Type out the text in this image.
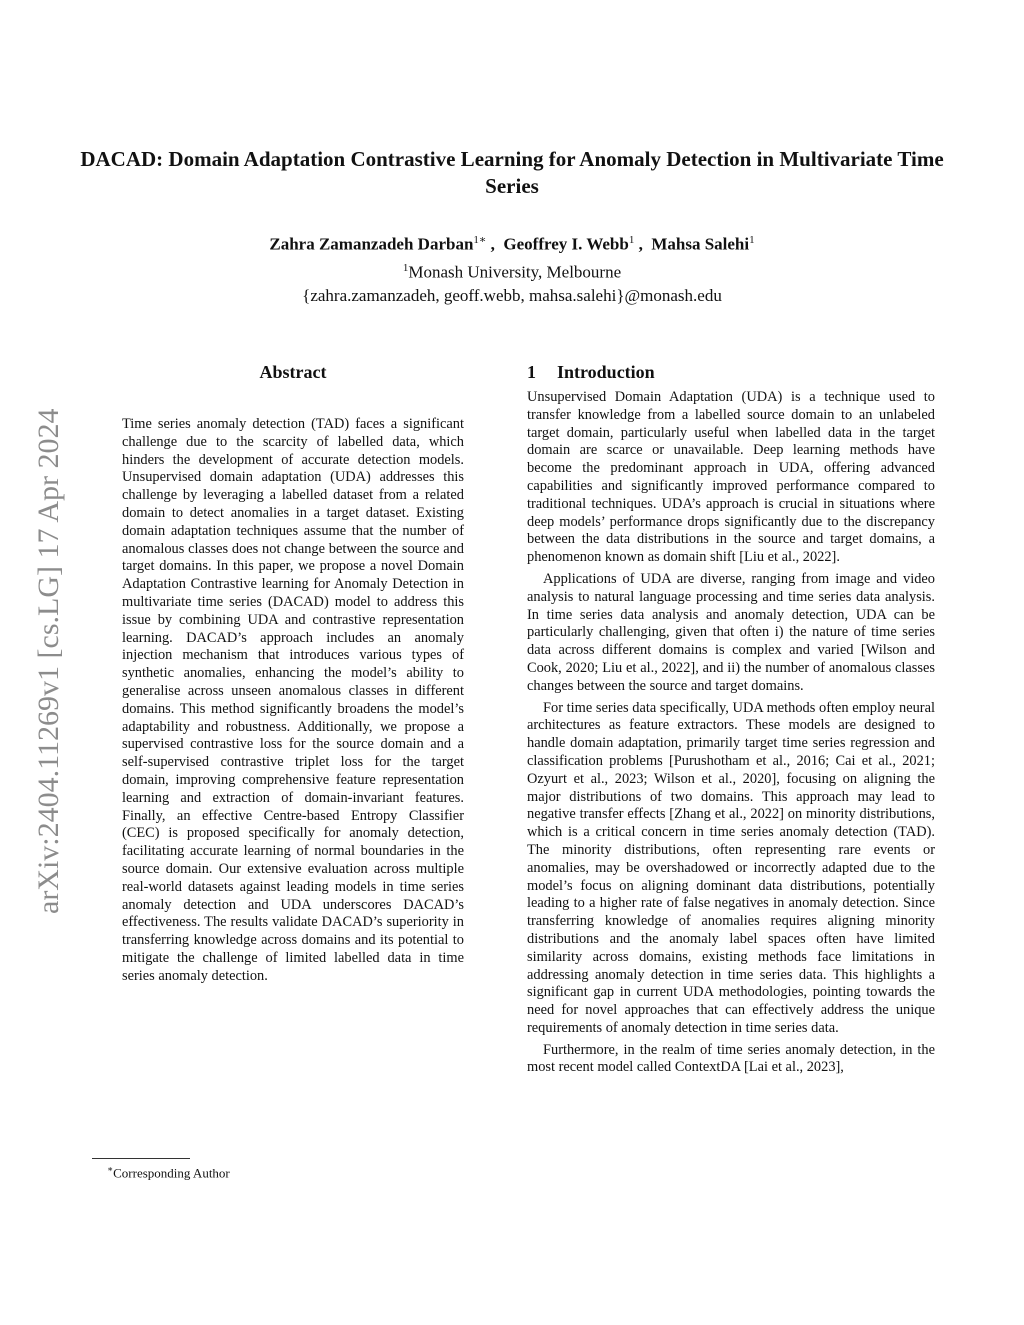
DACAD: Domain Adaptation Contrastive Learning for Anomaly Detection in Multivariate Time Series
Zahra Zamanzadeh Darban$^{1∗}$ ,  Geoffrey I. Webb$^1$ ,  Mahsa Salehi$^1$
$^1$Monash University, Melbourne
{zahra.zamanzadeh, geoff.webb, mahsa.salehi}@monash.edu
arXiv:2404.11269v1 [cs.LG] 17 Apr 2024
Abstract

Time series anomaly detection (TAD) faces a significant challenge due to the scarcity of labelled data, which hinders the development of accurate detection models. Unsupervised domain adaptation (UDA) addresses this challenge by leveraging a labelled dataset from a related domain to detect anomalies in a target dataset. Existing domain adaptation techniques assume that the number of anomalous classes does not change between the source and target domains. In this paper, we propose a novel Domain Adaptation Contrastive learning for Anomaly Detection in multivariate time series (DACAD) model to address this issue by combining UDA and contrastive representation learning. DACAD’s approach includes an anomaly injection mechanism that introduces various types of synthetic anomalies, enhancing the model’s ability to generalise across unseen anomalous classes in different domains. This method significantly broadens the model’s adaptability and robustness. Additionally, we propose a supervised contrastive loss for the source domain and a self-supervised contrastive triplet loss for the target domain, improving comprehensive feature representation learning and extraction of domain-invariant features. Finally, an effective Centre-based Entropy Classifier (CEC) is proposed specifically for anomaly detection, facilitating accurate learning of normal boundaries in the source domain. Our extensive evaluation across multiple real-world datasets against leading models in time series anomaly detection and UDA underscores DACAD’s effectiveness. The results validate DACAD’s superiority in transferring knowledge across domains and its potential to mitigate the challenge of limited labelled data in time series anomaly detection.

1 Introduction

Unsupervised Domain Adaptation (UDA) is a technique used to transfer knowledge from a labelled source domain to an unlabeled target domain, particularly useful when labelled data in the target domain are scarce or unavailable. Deep learning methods have become the predominant approach in UDA, offering advanced capabilities and significantly improved performance compared to traditional techniques. UDA’s approach is crucial in situations where deep models’ performance drops significantly due to the discrepancy between the data distributions in the source and target domains, a phenomenon known as domain shift [Liu et al., 2022].

Applications of UDA are diverse, ranging from image and video analysis to natural language processing and time series data analysis. In time series data analysis and anomaly detection, UDA can be particularly challenging, given that often i) the nature of time series data across different domains is complex and varied [Wilson and Cook, 2020; Liu et al., 2022], and ii) the number of anomalous classes changes between the source and target domains.

For time series data specifically, UDA methods often employ neural architectures as feature extractors. These models are designed to handle domain adaptation, primarily target time series regression and classification problems [Purushotham et al., 2016; Cai et al., 2021; Ozyurt et al., 2023; Wilson et al., 2020], focusing on aligning the major distributions of two domains. This approach may lead to negative transfer effects [Zhang et al., 2022] on minority distributions, which is a critical concern in time series anomaly detection (TAD). The minority distributions, often representing rare events or anomalies, may be overshadowed or incorrectly adapted due to the model’s focus on aligning dominant data distributions, potentially leading to a higher rate of false negatives in anomaly detection. Since transferring knowledge of anomalies requires aligning minority distributions and the anomaly label spaces often have limited similarity across domains, existing methods face limitations in addressing anomaly detection in time series data. This highlights a significant gap in current UDA methodologies, pointing towards the need for novel approaches that can effectively address the unique requirements of anomaly detection in time series data.

Furthermore, in the realm of time series anomaly detection, in the most recent model called ContextDA [Lai et al., 2023],

∗Corresponding Author
